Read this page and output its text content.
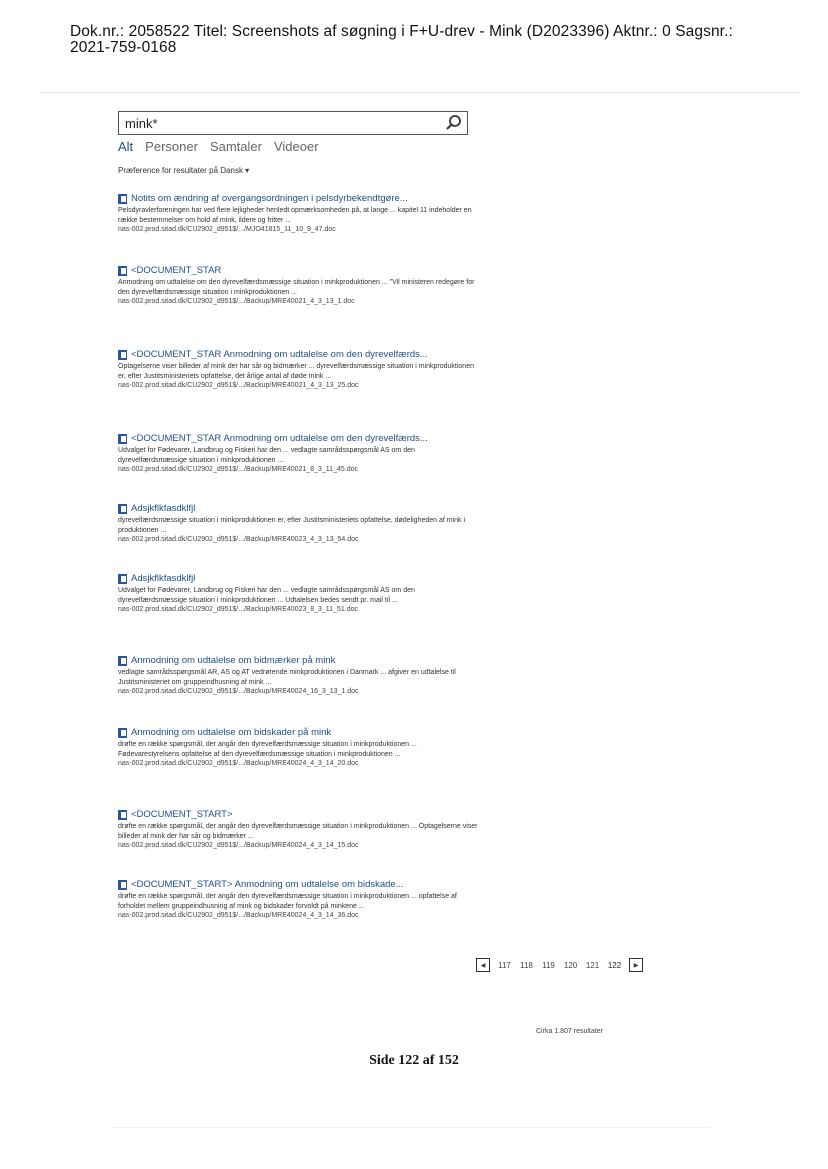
Dok.nr.: 2058522 Titel: Screenshots af søgning i F+U-drev - Mink (D2023396) Aktnr.: 0 Sagsnr.:
2021-759-0168
mink*
Alt Personer Samtaler Videoer
Præference for resultater på Dansk ▾
Notits om ændring af overgangsordningen i pelsdyrbekendtgøre...
Pelsdyravlerforeningen har ved flere lejligheder henledt opmærksomheden på, at lange ... kapitel 11 indeholder en række bestemmelser om hold af mink, ildere og fritter ...
nas-002.prod.sitad.dk/CU2902_d951$/.../MJO41815_11_10_9_47.doc
<DOCUMENT_STAR
Anmodning om udtalelse om den dyrevelfærdsmæssige situation i minkproduktionen ... "Vil ministeren redegøre for den dyrevelfærdsmæssige situation i minkproduktionen ...
nas-002.prod.sitad.dk/CU2902_d951$/.../Backup/MRE40021_4_3_13_1.doc
<DOCUMENT_STAR Anmodning om udtalelse om den dyrevelfærds...
Optagelserne viser billeder af mink der har sår og bidmærker ... dyrevelfærdsmæssige situation i minkproduktionen er, efter Justitsministeriets opfattelse, det årlige antal af døde mink ...
nas-002.prod.sitad.dk/CU2902_d951$/.../Backup/MRE40021_4_3_13_25.doc
<DOCUMENT_STAR Anmodning om udtalelse om den dyrevelfærds...
Udvalget for Fødevarer, Landbrug og Fiskeri har den ... vedlagte samrådsspørgsmål AS om den dyrevelfærdsmæssige situation i minkproduktionen ...
nas-002.prod.sitad.dk/CU2902_d951$/.../Backup/MRE40021_8_3_11_45.doc
Adsjkflkfasdklfjl
dyrevelfærdsmæssige situation i minkproduktionen er, efter Justitsministeriets opfattelse, dødeligheden af mink i produktionen ...
nas-002.prod.sitad.dk/CU2902_d951$/.../Backup/MRE40023_4_3_13_54.doc
Adsjkflkfasdklfjl
Udvalget for Fødevarer, Landbrug og Fiskeri har den ... vedlagte samrådsspørgsmål AS om den dyrevelfærdsmæssige situation i minkproduktionen ... Udtalelsen bedes sendt pr. mail til ...
nas-002.prod.sitad.dk/CU2902_d951$/.../Backup/MRE40023_8_3_11_51.doc
Anmodning om udtalelse om bidmærker på mink
vedlagte samrådsspørgsmål AR, AS og AT vedrørende minkproduktionen i Danmark ... afgiver en udtalelse til Justitsministeriet om gruppeindhusning af mink ...
nas-002.prod.sitad.dk/CU2902_d951$/.../Backup/MRE40024_16_3_13_1.doc
Anmodning om udtalelse om bidskader på mink
drøfte en række spørgsmål, der angår den dyrevelfærdsmæssige situation i minkproduktionen ... Fødevarestyrelsens opfattelse af den dyrevelfærdsmæssige situation i minkproduktionen ...
nas-002.prod.sitad.dk/CU2902_d951$/.../Backup/MRE40024_4_3_14_20.doc
<DOCUMENT_START>
drøfte en række spørgsmål, der angår den dyrevelfærdsmæssige situation i minkproduktionen ... Optagelserne viser billeder af mink der har sår og bidmærker ...
nas-002.prod.sitad.dk/CU2902_d951$/.../Backup/MRE40024_4_3_14_15.doc
<DOCUMENT_START> Anmodning om udtalelse om bidskade...
drøfte en række spørgsmål, der angår den dyrevelfærdsmæssige situation i minkproduktionen ... opfattelse af forholdet mellem gruppeindhusning af mink og bidskader forvoldt på minkene ...
nas-002.prod.sitad.dk/CU2902_d951$/.../Backup/MRE40024_4_3_14_36.doc
◀	117 118 119 120 121 122	▶
Cirka 1.807 resultater
Side 122 af 152
